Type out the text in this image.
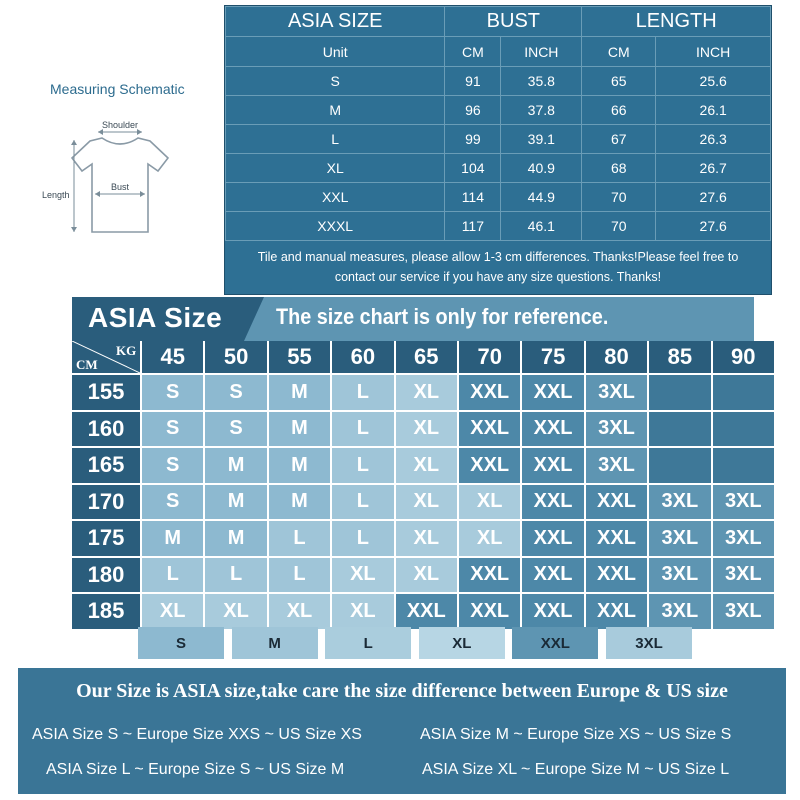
Measuring Schematic
Shoulder
Bust
Length
ASIA SIZE	BUST		LENGTH	
Unit	CM	INCH	CM	INCH
S	91	35.8	65	25.6
M	96	37.8	66	26.1
L	99	39.1	67	26.3
XL	104	40.9	68	26.7
XXL	114	44.9	70	27.6
XXXL	117	46.1	70	27.6
Tile and manual measures, please allow 1-3 cm differences. Thanks!Please feel free to
contact our service if you have any size questions. Thanks!
ASIA Size The size chart is only for reference.
CM
KG	45	50	55	60	65	70	75	80	85	90
155	S	S	M	L	XL	XXL	XXL	3XL
160	S	S	M	L	XL	XXL	XXL	3XL
165	S	M	M	L	XL	XXL	XXL	3XL
170	S	M	M	L	XL	XL	XXL	XXL	3XL	3XL
175	M	M	L	L	XL	XL	XXL	XXL	3XL	3XL
180	L	L	L	XL	XL	XXL	XXL	XXL	3XL	3XL
185	XL	XL	XL	XL	XXL	XXL	XXL	XXL	3XL	3XL
S	M	L	XL	XXL	3XL
Our Size is ASIA size,take care the size difference between Europe & US size
ASIA Size S ~ Europe Size XXS ~ US Size XS	ASIA Size M ~ Europe Size XS ~ US Size S
ASIA Size L ~ Europe Size S ~ US Size M	ASIA Size XL ~ Europe Size M ~ US Size L
